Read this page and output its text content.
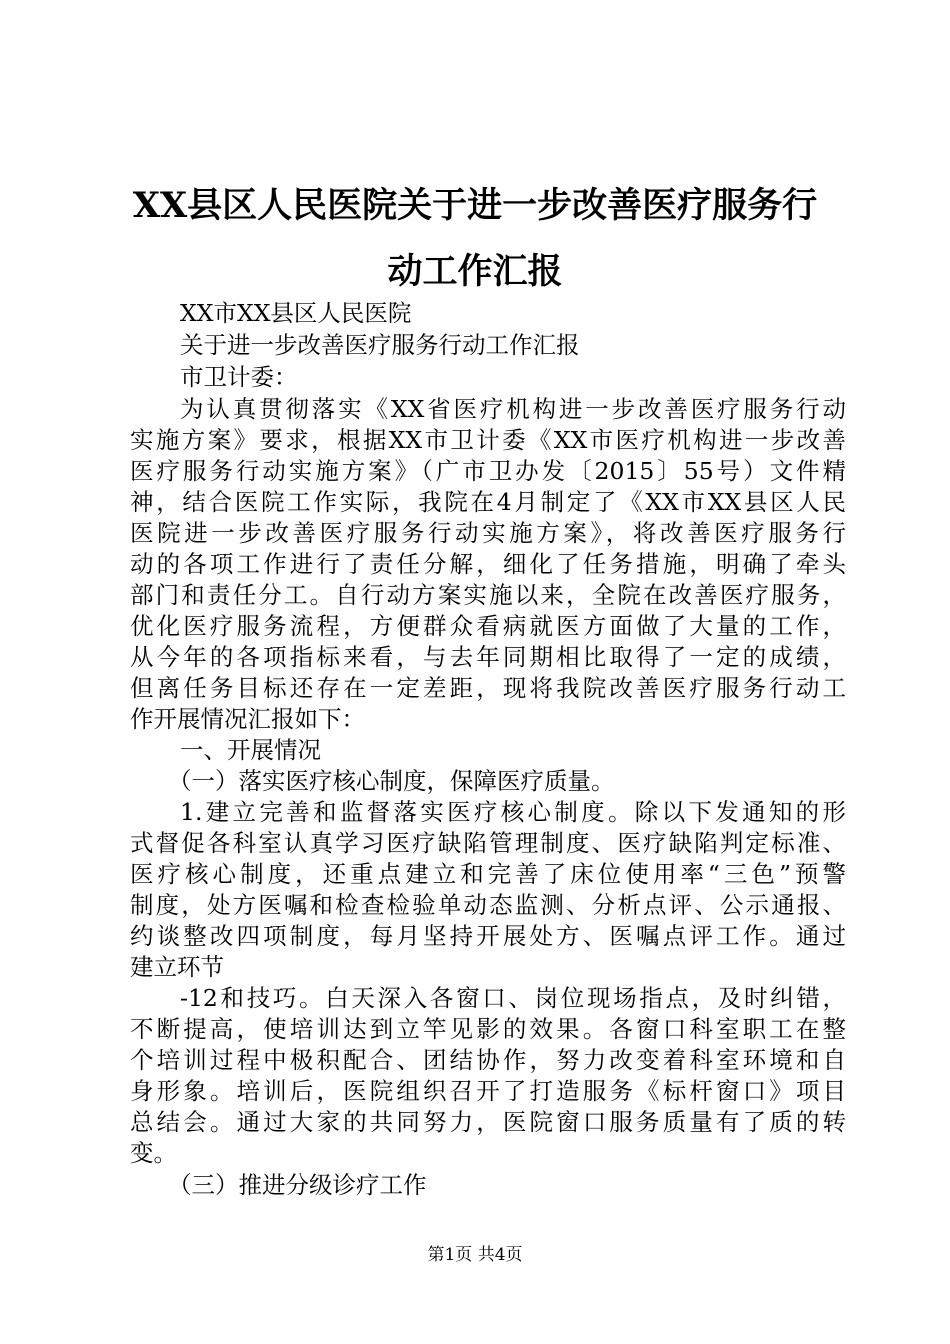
XX县区人民医院关于进一步改善医疗服务行
动工作汇报
XX市XX县区人民医院
关于进一步改善医疗服务行动工作汇报
市卫计委：
为认真贯彻落实《XX省医疗机构进一步改善医疗服务行动
实施方案》要求，根据XX市卫计委《XX市医疗机构进一步改善
医疗服务行动实施方案》（广市卫办发〔2015〕55号）文件精
神，结合医院工作实际，我院在4月制定了《XX市XX县区人民
医院进一步改善医疗服务行动实施方案》，将改善医疗服务行
动的各项工作进行了责任分解，细化了任务措施，明确了牵头
部门和责任分工。自行动方案实施以来，全院在改善医疗服务，
优化医疗服务流程，方便群众看病就医方面做了大量的工作，
从今年的各项指标来看，与去年同期相比取得了一定的成绩，
但离任务目标还存在一定差距，现将我院改善医疗服务行动工
作开展情况汇报如下：
一、开展情况
（一）落实医疗核心制度，保障医疗质量。
1.建立完善和监督落实医疗核心制度。除以下发通知的形
式督促各科室认真学习医疗缺陷管理制度、医疗缺陷判定标准、
医疗核心制度，还重点建立和完善了床位使用率“三色”预警
制度，处方医嘱和检查检验单动态监测、分析点评、公示通报、
约谈整改四项制度，每月坚持开展处方、医嘱点评工作。通过
建立环节
-12和技巧。白天深入各窗口、岗位现场指点，及时纠错，
不断提高，使培训达到立竿见影的效果。各窗口科室职工在整
个培训过程中极积配合、团结协作，努力改变着科室环境和自
身形象。培训后，医院组织召开了打造服务《标杆窗口》项目
总结会。通过大家的共同努力，医院窗口服务质量有了质的转
变。
（三）推进分级诊疗工作
第1页 共4页
